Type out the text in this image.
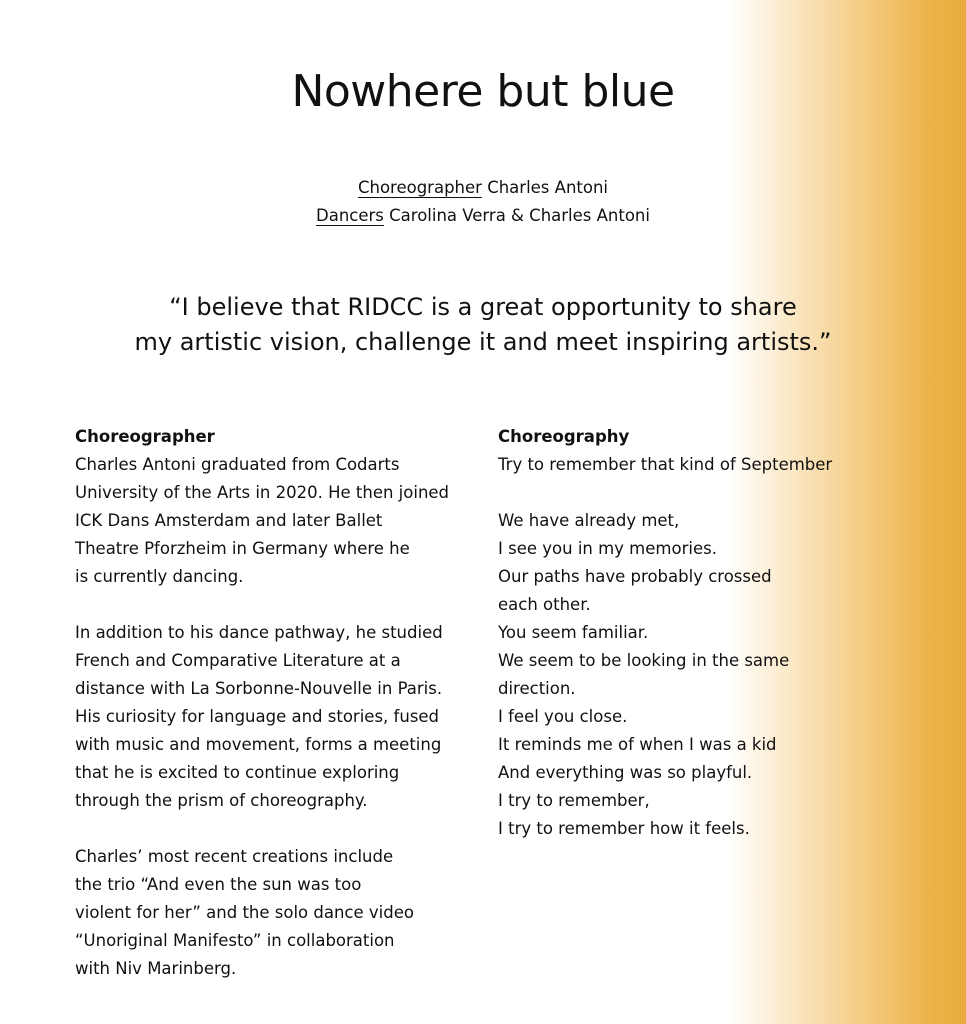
Nowhere but blue
Choreographer Charles Antoni
Dancers Carolina Verra & Charles Antoni
“I believe that RIDCC is a great opportunity to share
my artistic vision, challenge it and meet inspiring artists.”
Choreographer
Charles Antoni graduated from Codarts
University of the Arts in 2020. He then joined
ICK Dans Amsterdam and later Ballet
Theatre Pforzheim in Germany where he
is currently dancing.
In addition to his dance pathway, he studied
French and Comparative Literature at a
distance with La Sorbonne-Nouvelle in Paris.
His curiosity for language and stories, fused
with music and movement, forms a meeting
that he is excited to continue exploring
through the prism of choreography.
Charles’ most recent creations include
the trio “And even the sun was too
violent for her” and the solo dance video
“Unoriginal Manifesto” in collaboration
with Niv Marinberg.
Choreography
Try to remember that kind of September
We have already met,
I see you in my memories.
Our paths have probably crossed
each other.
You seem familiar.
We seem to be looking in the same
direction.
I feel you close.
It reminds me of when I was a kid
And everything was so playful.
I try to remember,
I try to remember how it feels.
